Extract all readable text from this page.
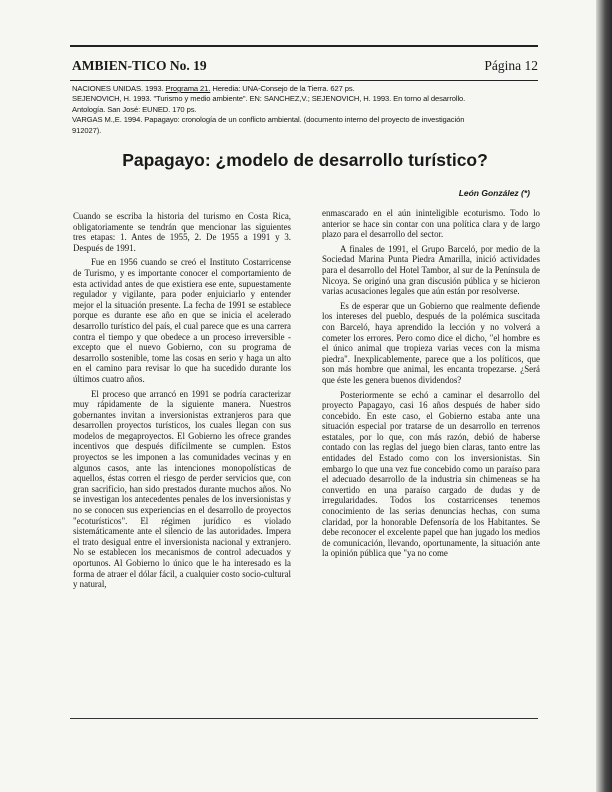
AMBIEN-TICO No. 19	Página 12
NACIONES UNIDAS. 1993. Programa 21. Heredia: UNA-Consejo de la Tierra. 627 ps.
SEJENOVICH, H. 1993. "Turismo y medio ambiente". EN: SANCHEZ,V.; SEJENOVICH, H. 1993. En torno al desarrollo.
Antología. San José: EUNED. 170 ps.
VARGAS M.,E. 1994. Papagayo: cronología de un conflicto ambiental. (documento interno del proyecto de investigación
912027).
Papagayo: ¿modelo de desarrollo turístico?
León González (*)

Cuando se escriba la historia del turismo en Costa Rica, obligatoriamente se tendrán que mencionar las siguientes tres etapas: 1. Antes de 1955, 2. De 1955 a 1991 y 3. Después de 1991.

Fue en 1956 cuando se creó el Instituto Costarricense de Turismo, y es importante conocer el comportamiento de esta actividad antes de que existiera ese ente, supuestamente regulador y vigilante, para poder enjuiciarlo y entender mejor el la situación presente. La fecha de 1991 se establece porque es durante ese año en que se inicia el acelerado desarrollo turístico del país, el cual parece que es una carrera contra el tiempo y que obedece a un proceso irreversible - excepto que el nuevo Gobierno, con su programa de desarrollo sostenible, tome las cosas en serio y haga un alto en el camino para revisar lo que ha sucedido durante los últimos cuatro años.

El proceso que arrancó en 1991 se podría caracterizar muy rápidamente de la siguiente manera. Nuestros gobernantes invitan a inversionistas extranjeros para que desarrollen proyectos turísticos, los cuales llegan con sus modelos de megaproyectos. El Gobierno les ofrece grandes incentivos que después difícilmente se cumplen. Estos proyectos se les imponen a las comunidades vecinas y en algunos casos, ante las intenciones monopolísticas de aquellos, éstas corren el riesgo de perder servicios que, con gran sacrificio, han sido prestados durante muchos años. No se investigan los antecedentes penales de los inversionistas y no se conocen sus experiencias en el desarrollo de proyectos "ecoturísticos". El régimen jurídico es violado sistemáticamente ante el silencio de las autoridades. Impera el trato desigual entre el inversionista nacional y extranjero. No se establecen los mecanismos de control adecuados y oportunos. Al Gobierno lo único que le ha interesado es la forma de atraer el dólar fácil, a cualquier costo socio-cultural y natural,

enmascarado en el aún ininteligible ecoturismo. Todo lo anterior se hace sin contar con una política clara y de largo plazo para el desarrollo del sector.

A finales de 1991, el Grupo Barceló, por medio de la Sociedad Marina Punta Piedra Amarilla, inició actividades para el desarrollo del Hotel Tambor, al sur de la Península de Nicoya. Se originó una gran discusión pública y se hicieron varias acusaciones legales que aún están por resolverse.

Es de esperar que un Gobierno que realmente defiende los intereses del pueblo, después de la polémica suscitada con Barceló, haya aprendido la lección y no volverá a cometer los errores. Pero como dice el dicho, "el hombre es el único animal que tropieza varias veces con la misma piedra". Inexplicablemente, parece que a los políticos, que son más hombre que animal, les encanta tropezarse. ¿Será que éste les genera buenos dividendos?

Posteriormente se echó a caminar el desarrollo del proyecto Papagayo, casi 16 años después de haber sido concebido. En este caso, el Gobierno estaba ante una situación especial por tratarse de un desarrollo en terrenos estatales, por lo que, con más razón, debió de haberse contado con las reglas del juego bien claras, tanto entre las entidades del Estado como con los inversionistas. Sin embargo lo que una vez fue concebido como un paraíso para el adecuado desarrollo de la industria sin chimeneas se ha convertido en una paraíso cargado de dudas y de irregularidades. Todos los costarricenses tenemos conocimiento de las serias denuncias hechas, con suma claridad, por la honorable Defensoría de los Habitantes. Se debe reconocer el excelente papel que han jugado los medios de comunicación, llevando, oportunamente, la situación ante la opinión pública que "ya no come
